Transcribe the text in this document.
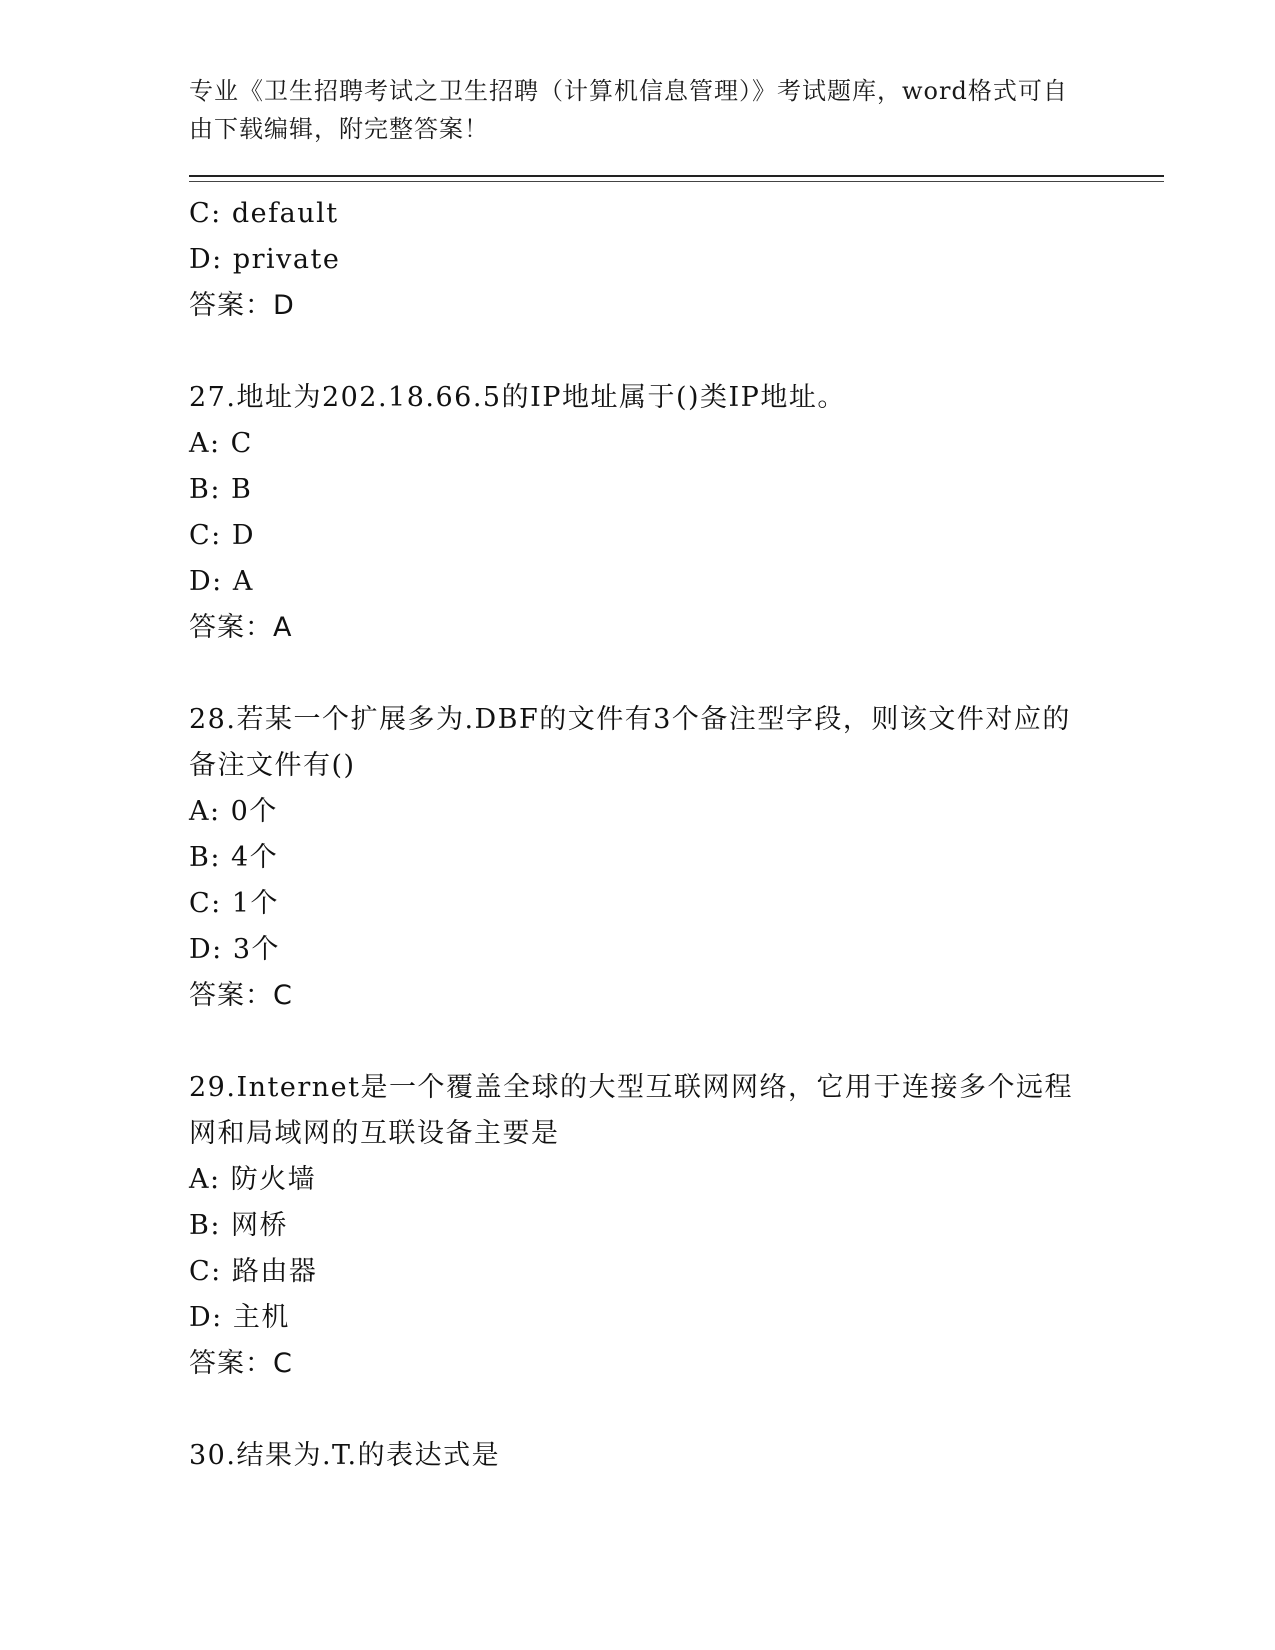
专业《卫生招聘考试之卫生招聘（计算机信息管理）》考试题库，word格式可自
由下载编辑，附完整答案！
C: default
D: private
答案：D
27.地址为202.18.66.5的IP地址属于()类IP地址。
A: C
B: B
C: D
D: A
答案：A
28.若某一个扩展多为.DBF的文件有3个备注型字段，则该文件对应的
备注文件有()
A: 0个
B: 4个
C: 1个
D: 3个
答案：C
29.Internet是一个覆盖全球的大型互联网网络，它用于连接多个远程
网和局域网的互联设备主要是
A: 防火墙
B: 网桥
C: 路由器
D: 主机
答案：C
30.结果为.T.的表达式是
